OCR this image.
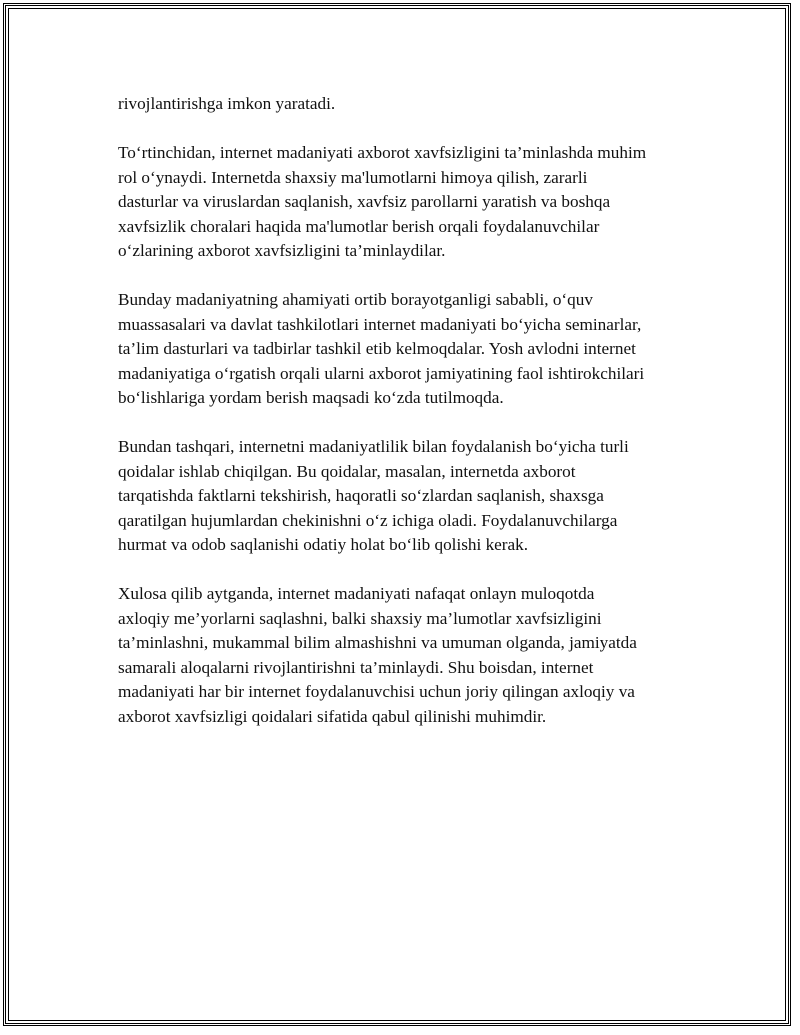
rivojlantirishga imkon yaratadi.

To‘rtinchidan, internet madaniyati axborot xavfsizligini ta’minlashda muhim
rol o‘ynaydi. Internetda shaxsiy ma'lumotlarni himoya qilish, zararli
dasturlar va viruslardan saqlanish, xavfsiz parollarni yaratish va boshqa
xavfsizlik choralari haqida ma'lumotlar berish orqali foydalanuvchilar
o‘zlarining axborot xavfsizligini ta’minlaydilar.

Bunday madaniyatning ahamiyati ortib borayotganligi sababli, o‘quv
muassasalari va davlat tashkilotlari internet madaniyati bo‘yicha seminarlar,
ta’lim dasturlari va tadbirlar tashkil etib kelmoqdalar. Yosh avlodni internet
madaniyatiga o‘rgatish orqali ularni axborot jamiyatining faol ishtirokchilari
bo‘lishlariga yordam berish maqsadi ko‘zda tutilmoqda.

Bundan tashqari, internetni madaniyatlilik bilan foydalanish bo‘yicha turli
qoidalar ishlab chiqilgan. Bu qoidalar, masalan, internetda axborot
tarqatishda faktlarni tekshirish, haqoratli so‘zlardan saqlanish, shaxsga
qaratilgan hujumlardan chekinishni o‘z ichiga oladi. Foydalanuvchilarga
hurmat va odob saqlanishi odatiy holat bo‘lib qolishi kerak.

Xulosa qilib aytganda, internet madaniyati nafaqat onlayn muloqotda
axloqiy me’yorlarni saqlashni, balki shaxsiy ma’lumotlar xavfsizligini
ta’minlashni, mukammal bilim almashishni va umuman olganda, jamiyatda
samarali aloqalarni rivojlantirishni ta’minlaydi. Shu boisdan, internet
madaniyati har bir internet foydalanuvchisi uchun joriy qilingan axloqiy va
axborot xavfsizligi qoidalari sifatida qabul qilinishi muhimdir.
